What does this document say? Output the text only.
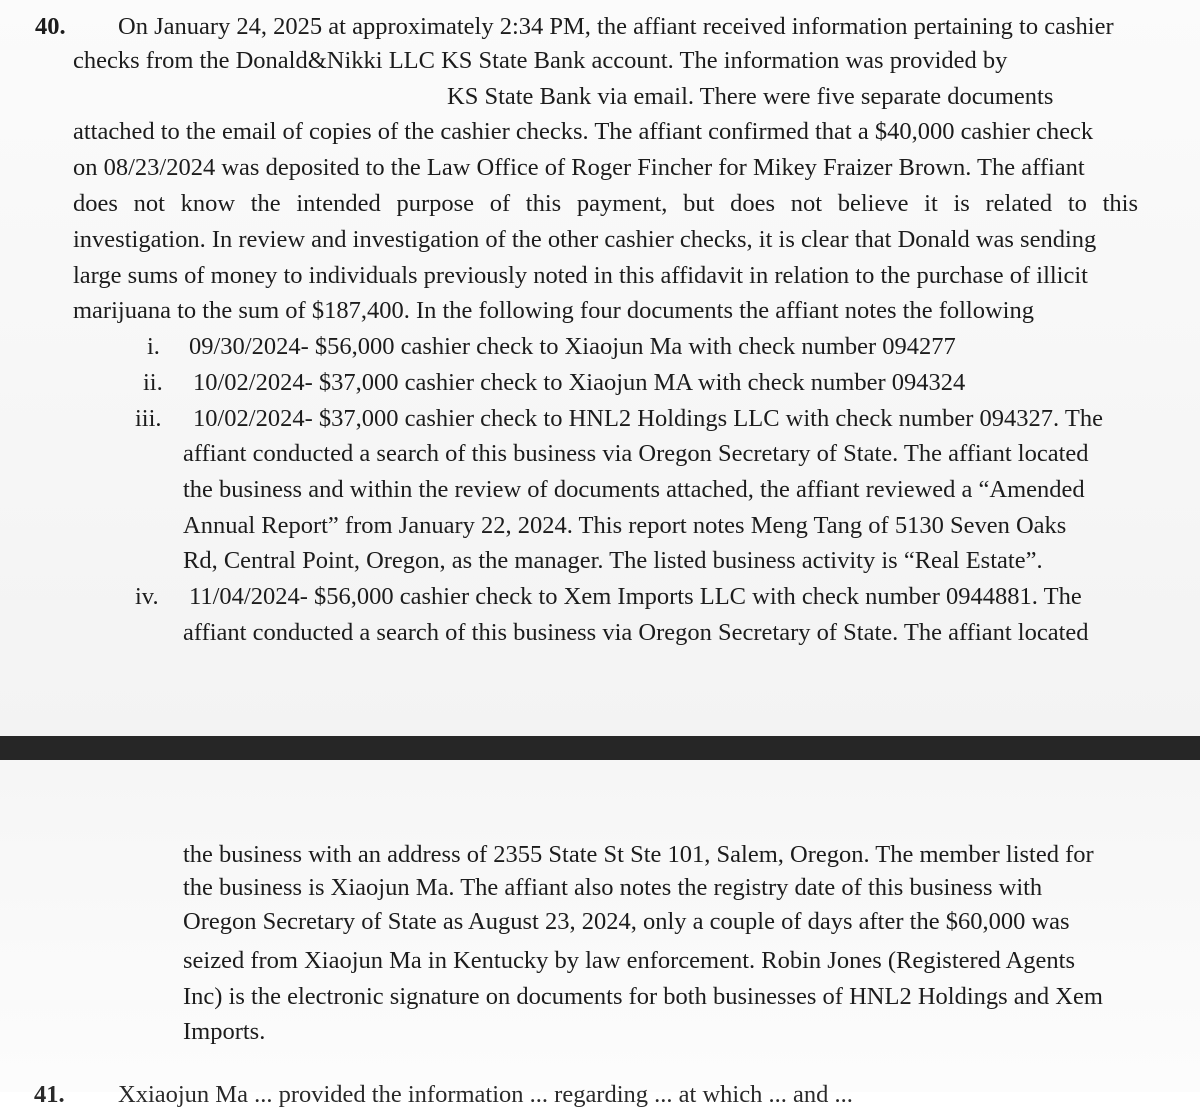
40. On January 24, 2025 at approximately 2:34 PM, the affiant received information pertaining to cashier
checks from the Donald&Nikki LLC KS State Bank account. The information was provided by
KS State Bank via email. There were five separate documents
attached to the email of copies of the cashier checks. The affiant confirmed that a $40,000 cashier check
on 08/23/2024 was deposited to the Law Office of Roger Fincher for Mikey Fraizer Brown. The affiant
does not know the intended purpose of this payment, but does not believe it is related to this
investigation. In review and investigation of the other cashier checks, it is clear that Donald was sending
large sums of money to individuals previously noted in this affidavit in relation to the purchase of illicit
marijuana to the sum of $187,400. In the following four documents the affiant notes the following
i. 09/30/2024- $56,000 cashier check to Xiaojun Ma with check number 094277
ii. 10/02/2024- $37,000 cashier check to Xiaojun MA with check number 094324
iii. 10/02/2024- $37,000 cashier check to HNL2 Holdings LLC with check number 094327. The
affiant conducted a search of this business via Oregon Secretary of State. The affiant located
the business and within the review of documents attached, the affiant reviewed a “Amended
Annual Report” from January 22, 2024. This report notes Meng Tang of 5130 Seven Oaks
Rd, Central Point, Oregon, as the manager. The listed business activity is “Real Estate”.
iv. 11/04/2024- $56,000 cashier check to Xem Imports LLC with check number 0944881. The
affiant conducted a search of this business via Oregon Secretary of State. The affiant located
the business with an address of 2355 State St Ste 101, Salem, Oregon. The member listed for
the business is Xiaojun Ma. The affiant also notes the registry date of this business with
Oregon Secretary of State as August 23, 2024, only a couple of days after the $60,000 was
seized from Xiaojun Ma in Kentucky by law enforcement. Robin Jones (Registered Agents
Inc) is the electronic signature on documents for both businesses of HNL2 Holdings and Xem
Imports.
41. Xxiaojun Ma ... provided the information ... regarding ... at which ... and ...
